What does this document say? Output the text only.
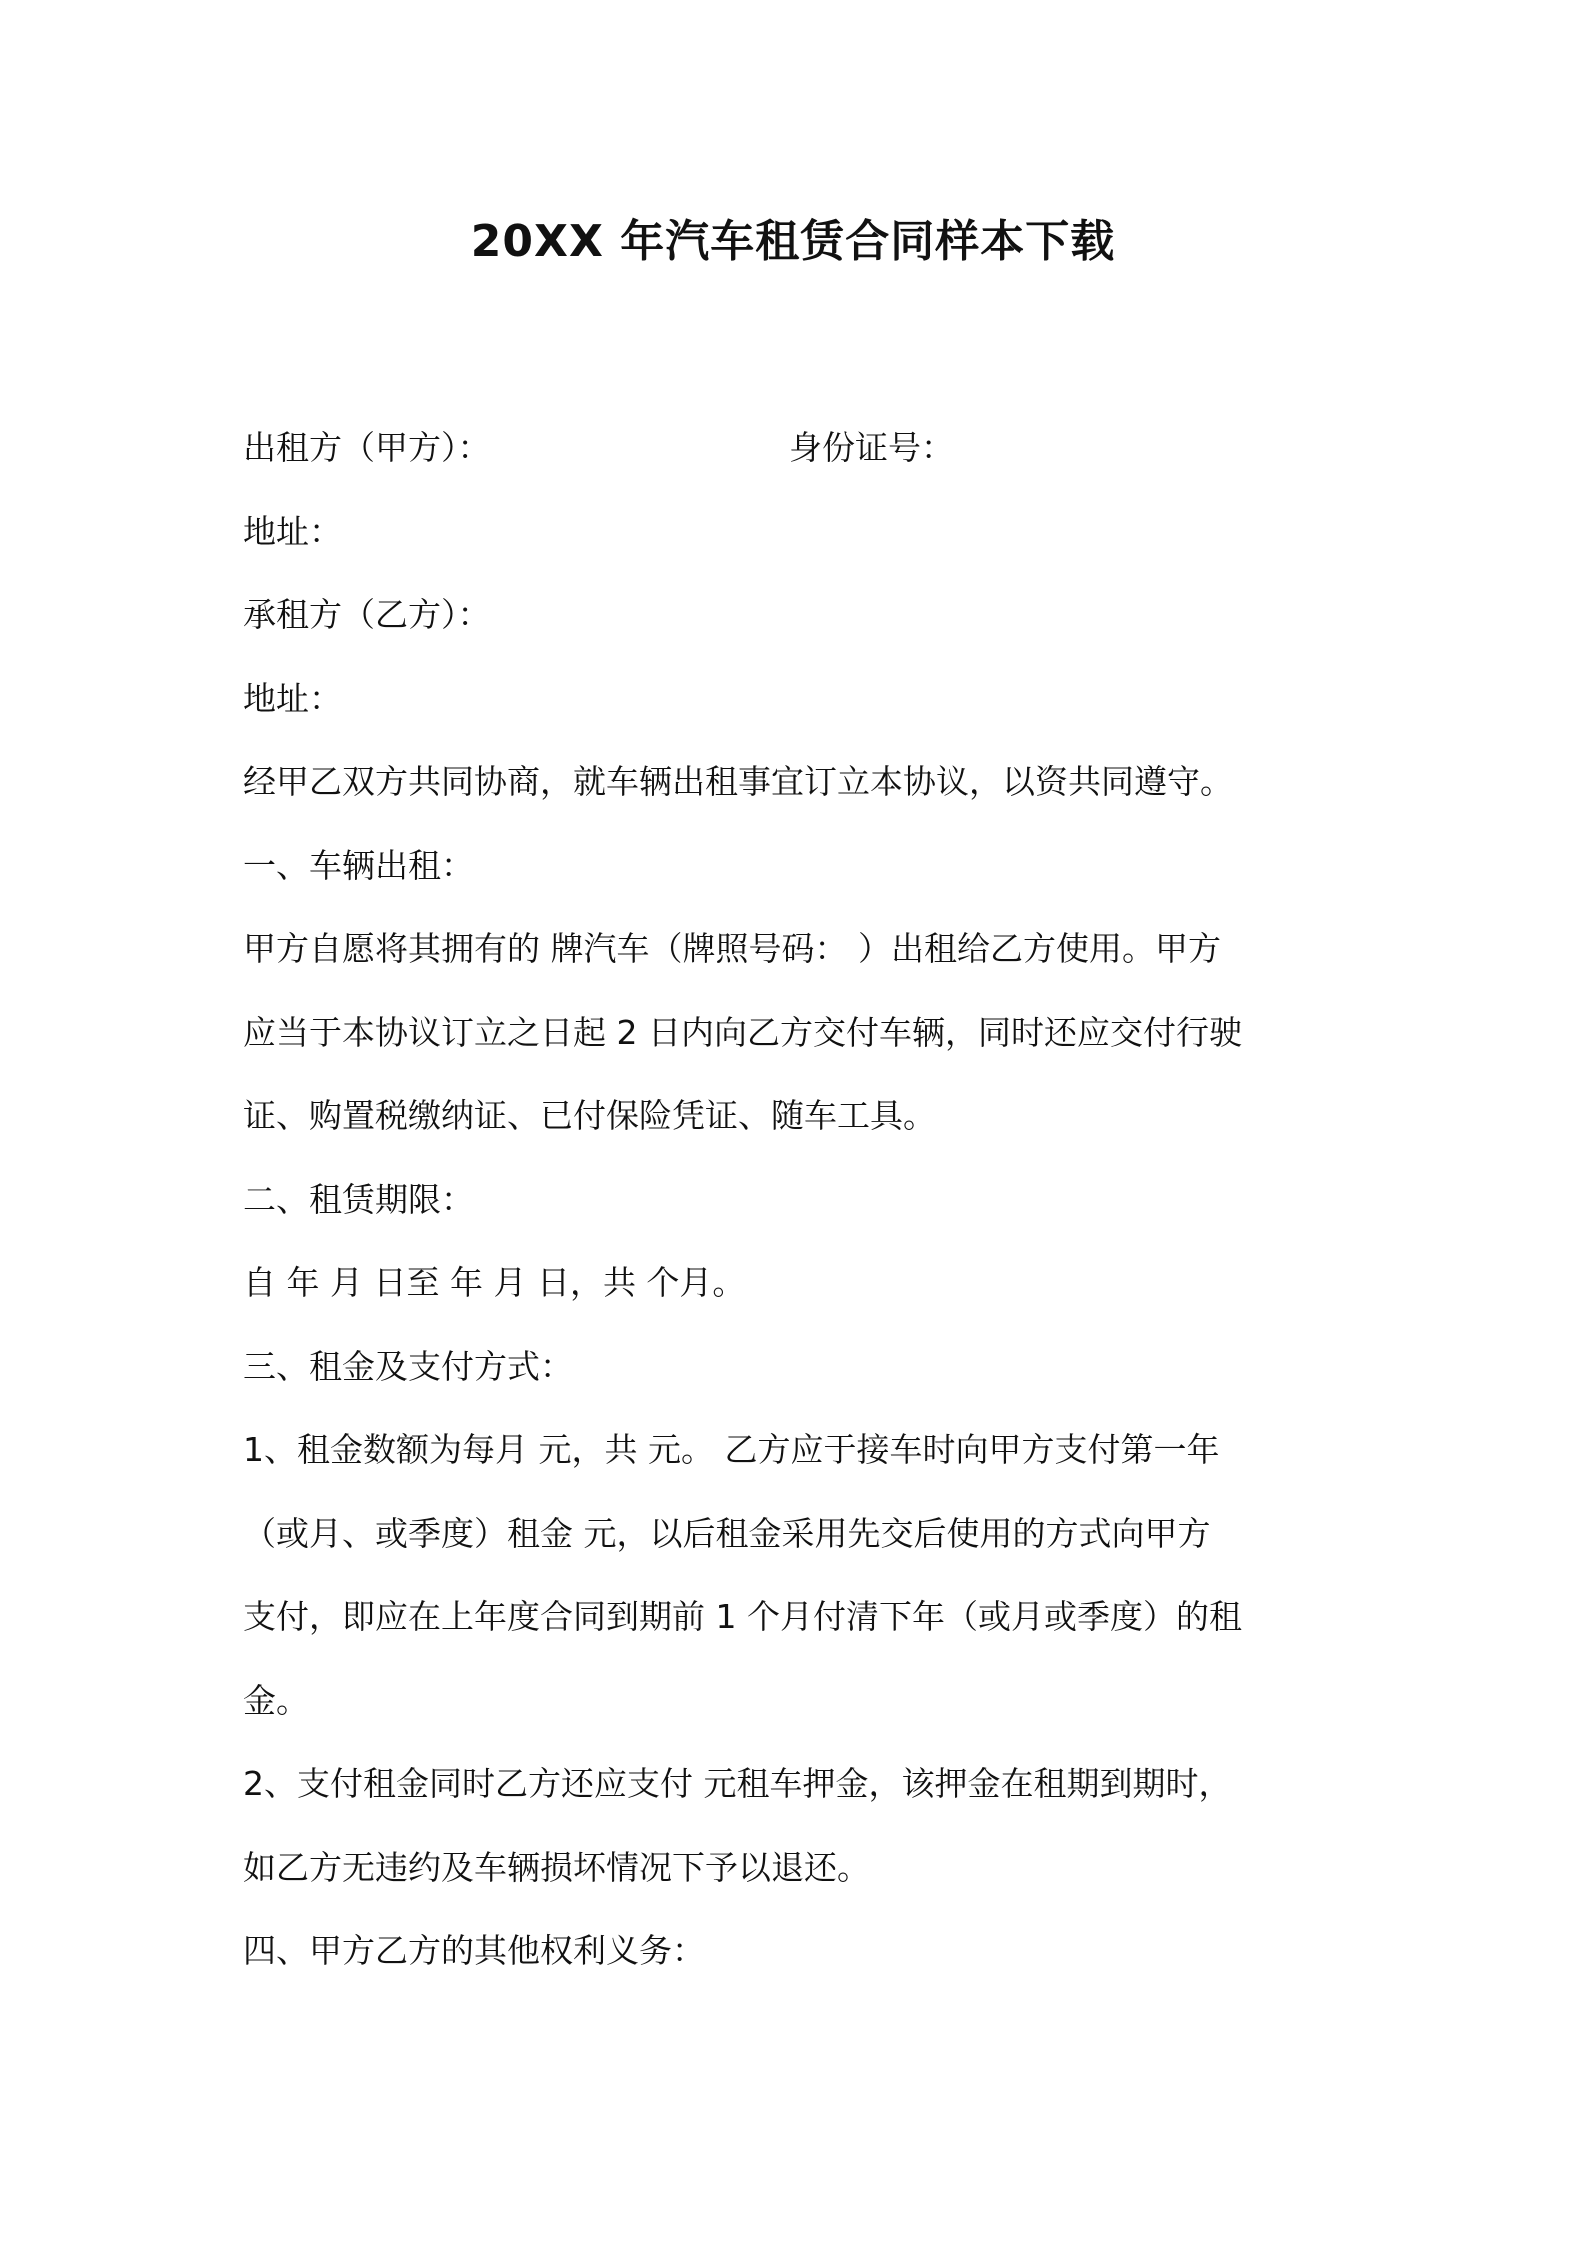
20XX 年汽车租赁合同样本下载
出租方（甲方）：	身份证号：
地址：
承租方（乙方）：
地址：
经甲乙双方共同协商，就车辆出租事宜订立本协议，以资共同遵守。
一、车辆出租：
甲方自愿将其拥有的 牌汽车（牌照号码： ）出租给乙方使用。甲方
应当于本协议订立之日起 2 日内向乙方交付车辆，同时还应交付行驶
证、购置税缴纳证、已付保险凭证、随车工具。
二、租赁期限：
自 年 月 日至 年 月 日，共 个月。
三、租金及支付方式：
1、租金数额为每月 元，共 元。 乙方应于接车时向甲方支付第一年
（或月、或季度）租金 元，以后租金采用先交后使用的方式向甲方
支付，即应在上年度合同到期前 1 个月付清下年（或月或季度）的租
金。
2、支付租金同时乙方还应支付 元租车押金，该押金在租期到期时，
如乙方无违约及车辆损坏情况下予以退还。
四、甲方乙方的其他权利义务：
